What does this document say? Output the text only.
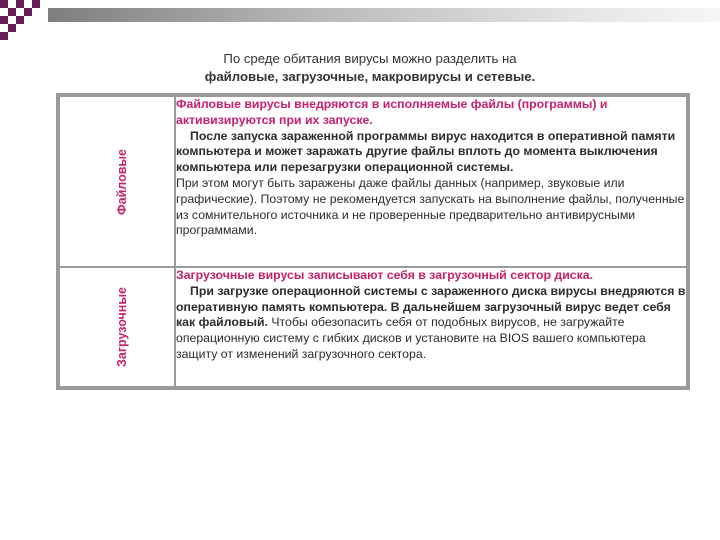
По среде обитания вирусы можно разделить на
файловые, загрузочные, макровирусы и сетевые.
Файловые	Файловые вирусы внедряются в исполняемые файлы (программы) и активизируются при их запуске.
После запуска зараженной программы вирус находится в оперативной памяти компьютера и может заражать другие файлы вплоть до момента выключения компьютера или перезагрузки операционной системы.
При этом могут быть заражены даже файлы данных (например, звуковые или графические). Поэтому не рекомендуется запускать на выполнение файлы, полученные из сомнительного источника и не проверенные предварительно антивирусными программами.

Загрузочные	Загрузочные вирусы записывают себя в загрузочный сектор диска.
При загрузке операционной системы с зараженного диска вирусы внедряются в оперативную память компьютера. В дальнейшем загрузочный вирус ведет себя как файловый. Чтобы обезопасить себя от подобных вирусов, не загружайте операционную систему с гибких дисков и установите на BIOS вашего компьютера защиту от изменений загрузочного сектора.
